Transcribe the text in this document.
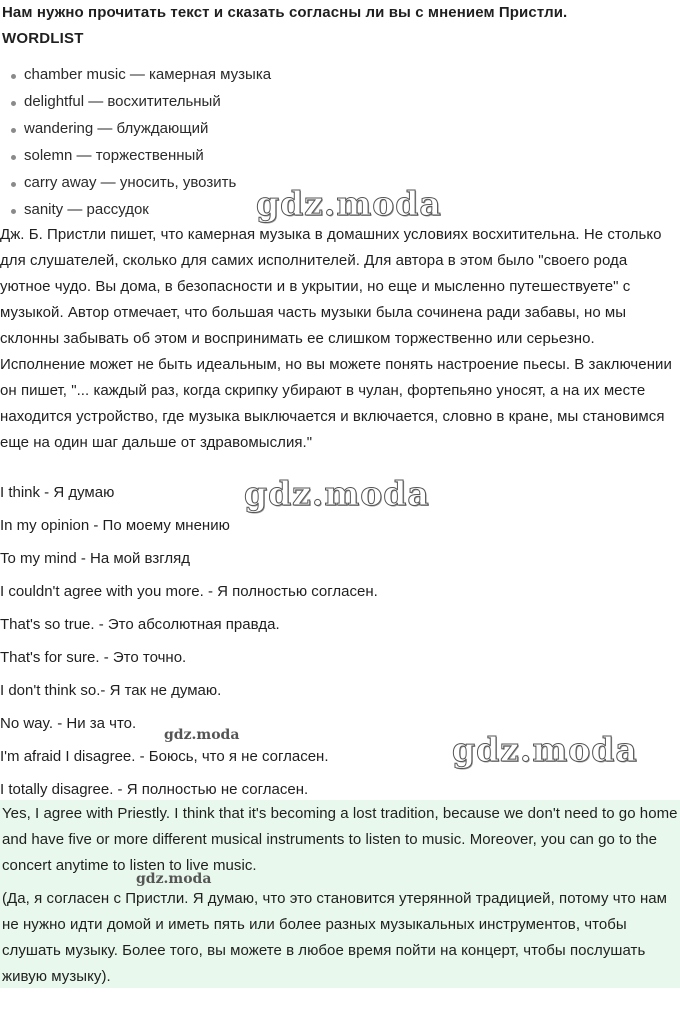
Нам нужно прочитать текст и сказать согласны ли вы с мнением Пристли.
WORDLIST
chamber music — камерная музыка
delightful — восхитительный
wandering — блуждающий
solemn — торжественный
carry away — уносить, увозить
sanity — рассудок

Дж. Б. Пристли пишет, что камерная музыка в домашних условиях восхитительна. Не столько для слушателей, сколько для самих исполнителей. Для автора в этом было "своего рода уютное чудо. Вы дома, в безопасности и в укрытии, но еще и мысленно путешествуете" с музыкой. Автор отмечает, что большая часть музыки была сочинена ради забавы, но мы склонны забывать об этом и воспринимать ее слишком торжественно или серьезно. Исполнение может не быть идеальным, но вы можете понять настроение пьесы. В заключении он пишет, "... каждый раз, когда скрипку убирают в чулан, фортепьяно уносят, а на их месте находится устройство, где музыка выключается и включается, словно в кране, мы становимся еще на один шаг дальше от здравомыслия."

I think - Я думаю
In my opinion - По моему мнению
To my mind - На мой взгляд
I couldn't agree with you more. - Я полностью согласен.
That's so true. - Это абсолютная правда.
That's for sure. - Это точно.
I don't think so.- Я так не думаю.
No way. - Ни за что.
I'm afraid I disagree. - Боюсь, что я не согласен.
I totally disagree. - Я полностью не согласен.

Yes, I agree with Priestly. I think that it's becoming a lost tradition, because we don't need to go home and have five or more different musical instruments to listen to music. Moreover, you can go to the concert anytime to listen to live music.

(Да, я согласен с Пристли. Я думаю, что это становится утерянной традицией, потому что нам не нужно идти домой и иметь пять или более разных музыкальных инструментов, чтобы слушать музыку. Более того, вы можете в любое время пойти на концерт, чтобы послушать живую музыку).

gdz.moda
gdz.moda
gdz.moda
gdz.moda
gdz.moda
